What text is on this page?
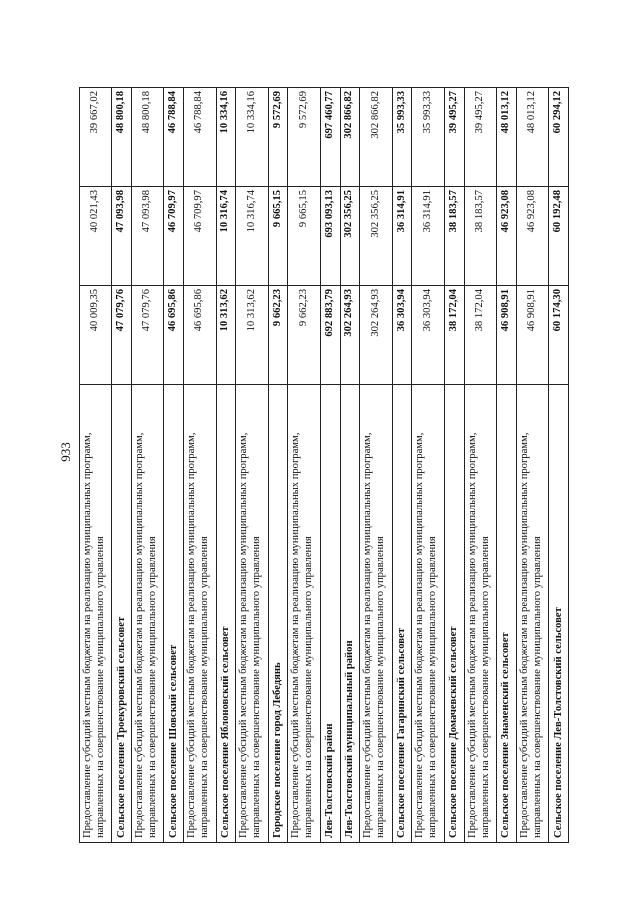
933 Предоставление субсидий местным бюджетам на реализацию муниципальных программ, направленных на совершенствование муниципального управления	40 009,35	40 021,43	39 667,02
Сельское поселение Троекуровский сельсовет	47 079,76	47 093,98	48 800,18
Предоставление субсидий местным бюджетам на реализацию муниципальных программ, направленных на совершенствование муниципального управления	47 079,76	47 093,98	48 800,18
Сельское поселение Шовский сельсовет	46 695,86	46 709,97	46 788,84
Предоставление субсидий местным бюджетам на реализацию муниципальных программ, направленных на совершенствование муниципального управления	46 695,86	46 709,97	46 788,84
Сельское поселение Яблоновский сельсовет	10 313,62	10 316,74	10 334,16
Предоставление субсидий местным бюджетам на реализацию муниципальных программ, направленных на совершенствование муниципального управления	10 313,62	10 316,74	10 334,16
Городское поселение город Лебедянь	9 662,23	9 665,15	9 572,69
Предоставление субсидий местным бюджетам на реализацию муниципальных программ, направленных на совершенствование муниципального управления	9 662,23	9 665,15	9 572,69
Лев-Толстовский район	692 883,79	693 093,13	697 460,77
Лев-Толстовский муниципальный район	302 264,93	302 356,25	302 866,82
Предоставление субсидий местным бюджетам на реализацию муниципальных программ, направленных на совершенствование муниципального управления	302 264,93	302 356,25	302 866,82
Сельское поселение Гагаринский сельсовет	36 303,94	36 314,91	35 993,33
Предоставление субсидий местным бюджетам на реализацию муниципальных программ, направленных на совершенствование муниципального управления	36 303,94	36 314,91	35 993,33
Сельское поселение Домачевский сельсовет	38 172,04	38 183,57	39 495,27
Предоставление субсидий местным бюджетам на реализацию муниципальных программ, направленных на совершенствование муниципального управления	38 172,04	38 183,57	39 495,27
Сельское поселение Знаменский сельсовет	46 908,91	46 923,08	48 013,12
Предоставление субсидий местным бюджетам на реализацию муниципальных программ, направленных на совершенствование муниципального управления	46 908,91	46 923,08	48 013,12
Сельское поселение Лев-Толстовский сельсовет	60 174,30	60 192,48	60 294,12
